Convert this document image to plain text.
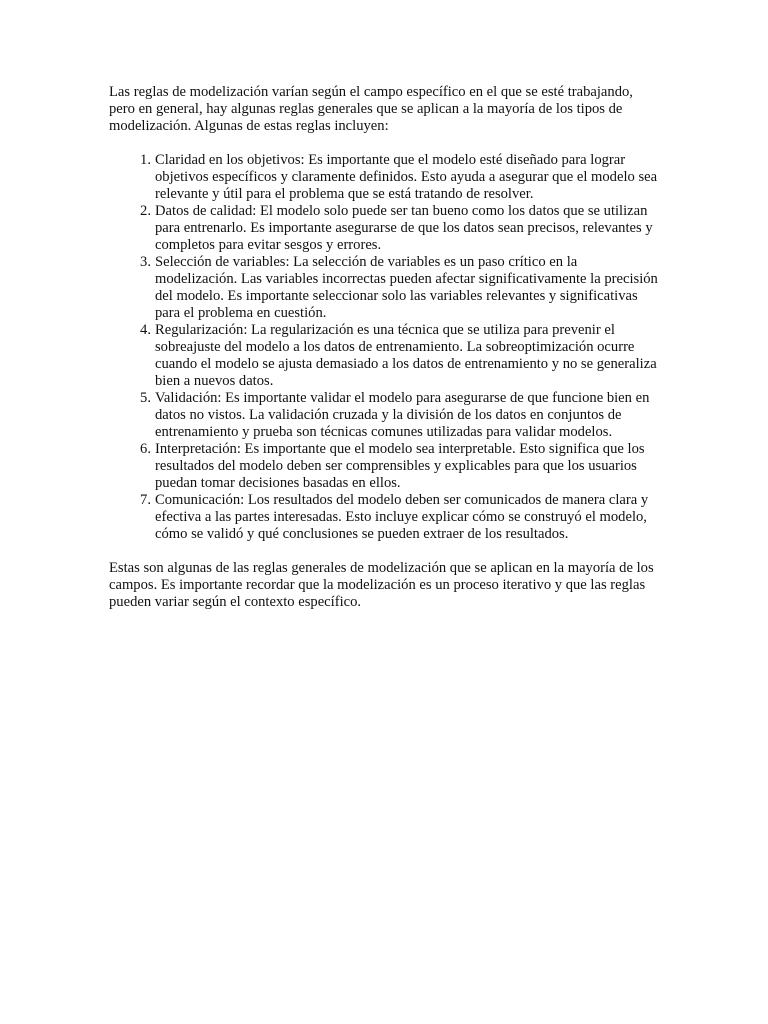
Las reglas de modelización varían según el campo específico en el que se esté trabajando, pero en general, hay algunas reglas generales que se aplican a la mayoría de los tipos de modelización. Algunas de estas reglas incluyen:

1. Claridad en los objetivos: Es importante que el modelo esté diseñado para lograr objetivos específicos y claramente definidos. Esto ayuda a asegurar que el modelo sea relevante y útil para el problema que se está tratando de resolver.
2. Datos de calidad: El modelo solo puede ser tan bueno como los datos que se utilizan para entrenarlo. Es importante asegurarse de que los datos sean precisos, relevantes y completos para evitar sesgos y errores.
3. Selección de variables: La selección de variables es un paso crítico en la modelización. Las variables incorrectas pueden afectar significativamente la precisión del modelo. Es importante seleccionar solo las variables relevantes y significativas para el problema en cuestión.
4. Regularización: La regularización es una técnica que se utiliza para prevenir el sobreajuste del modelo a los datos de entrenamiento. La sobreoptimización ocurre cuando el modelo se ajusta demasiado a los datos de entrenamiento y no se generaliza bien a nuevos datos.
5. Validación: Es importante validar el modelo para asegurarse de que funcione bien en datos no vistos. La validación cruzada y la división de los datos en conjuntos de entrenamiento y prueba son técnicas comunes utilizadas para validar modelos.
6. Interpretación: Es importante que el modelo sea interpretable. Esto significa que los resultados del modelo deben ser comprensibles y explicables para que los usuarios puedan tomar decisiones basadas en ellos.
7. Comunicación: Los resultados del modelo deben ser comunicados de manera clara y efectiva a las partes interesadas. Esto incluye explicar cómo se construyó el modelo, cómo se validó y qué conclusiones se pueden extraer de los resultados.

Estas son algunas de las reglas generales de modelización que se aplican en la mayoría de los campos. Es importante recordar que la modelización es un proceso iterativo y que las reglas pueden variar según el contexto específico.
